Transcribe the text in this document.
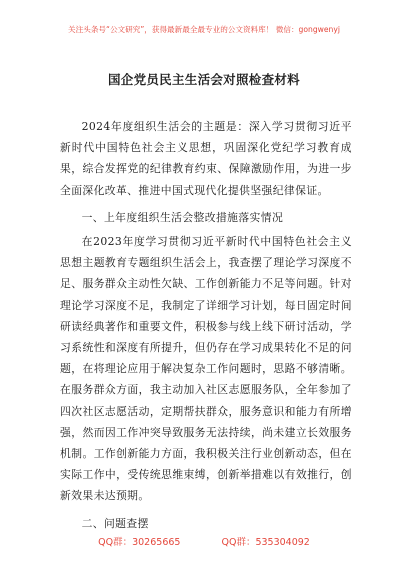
关注头条号“公文研究”，获得最新最全最专业的公文资料库！ 微信：gongwenyj
国企党员民主生活会对照检查材料

2024年度组织生活会的主题是：深入学习贯彻习近平新时代中国特色社会主义思想，巩固深化党纪学习教育成果，综合发挥党的纪律教育约束、保障激励作用，为进一步全面深化改革、推进中国式现代化提供坚强纪律保证。

一、上年度组织生活会整改措施落实情况

在2023年度学习贯彻习近平新时代中国特色社会主义思想主题教育专题组织生活会上，我查摆了理论学习深度不足、服务群众主动性欠缺、工作创新能力不足等问题。针对理论学习深度不足，我制定了详细学习计划，每日固定时间研读经典著作和重要文件，积极参与线上线下研讨活动，学习系统性和深度有所提升，但仍存在学习成果转化不足的问题，在将理论应用于解决复杂工作问题时，思路不够清晰。在服务群众方面，我主动加入社区志愿服务队，全年参加了四次社区志愿活动，定期帮扶群众，服务意识和能力有所增强，然而因工作冲突导致服务无法持续，尚未建立长效服务机制。工作创新能力方面，我积极关注行业创新动态，但在实际工作中，受传统思维束缚，创新举措难以有效推行，创新效果未达预期。

二、问题查摆

QQ群：30265665	QQ群：535304092
